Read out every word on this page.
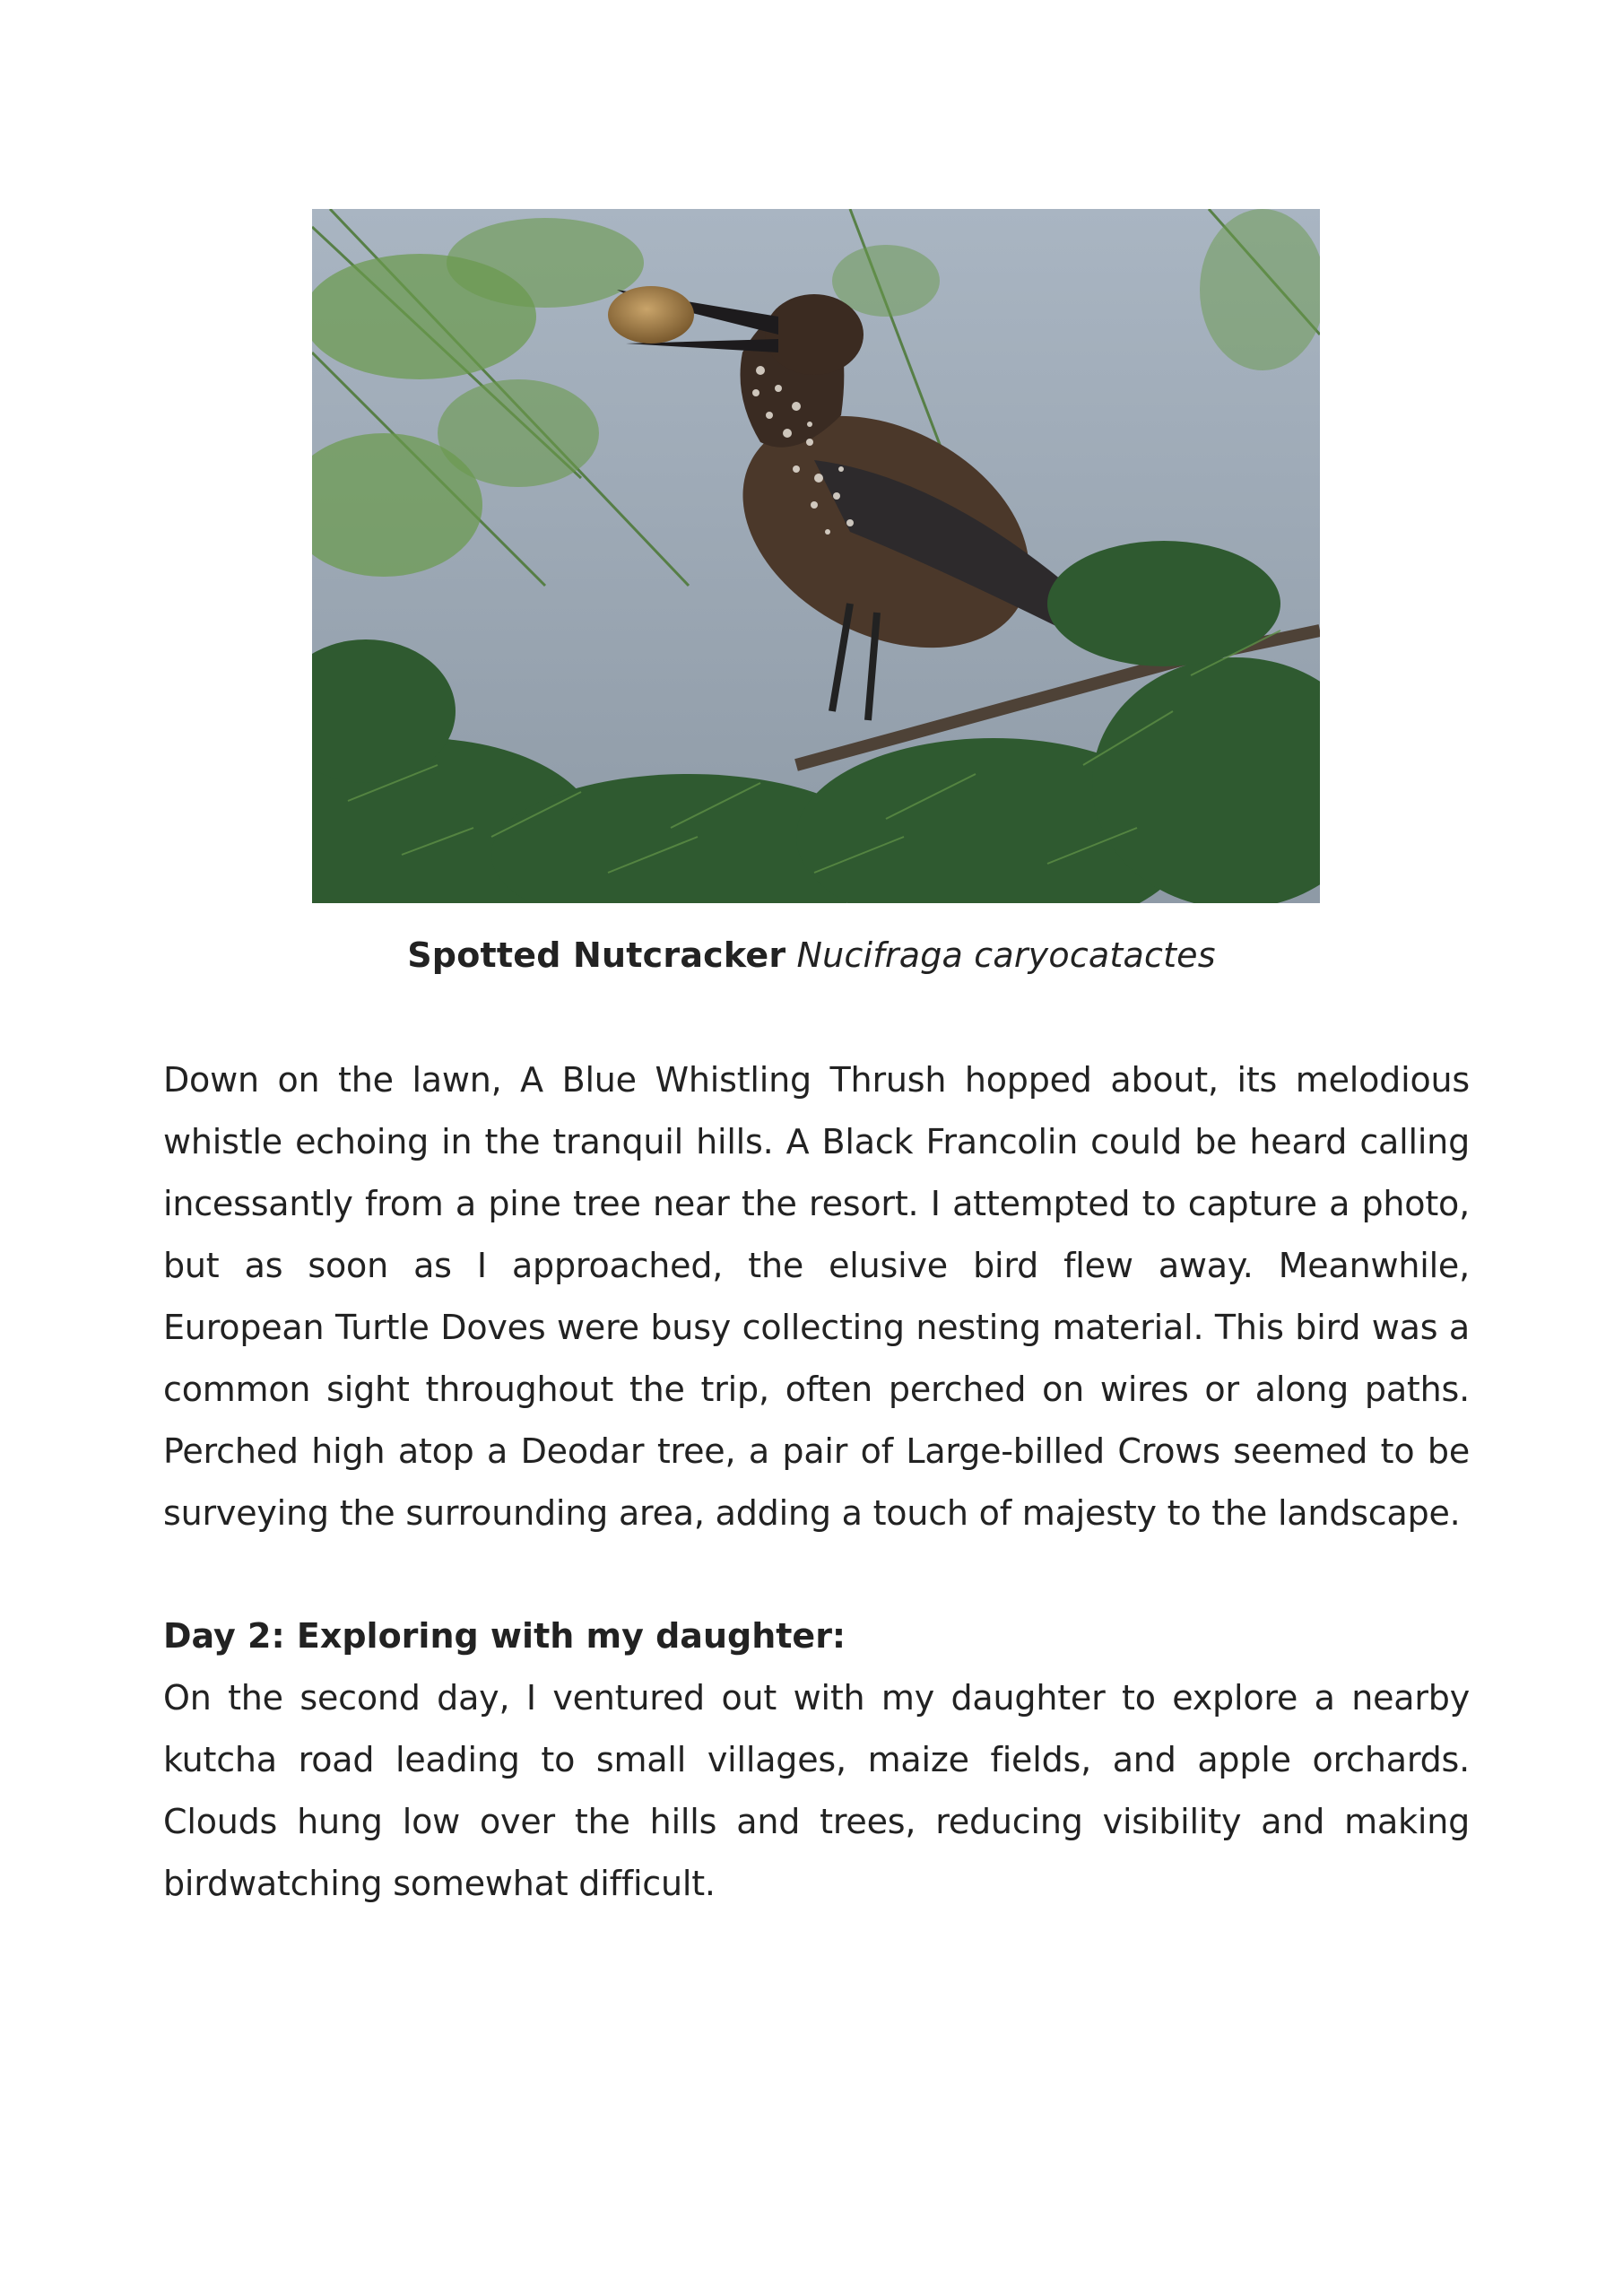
Spotted Nutcracker Nucifraga caryocatactes

Down on the lawn, A Blue Whistling Thrush hopped about, its melodious whistle echoing in the tranquil hills. A Black Francolin could be heard calling incessantly from a pine tree near the resort. I attempted to capture a photo, but as soon as I approached, the elusive bird flew away. Meanwhile, European Turtle Doves were busy collecting nesting material. This bird was a common sight throughout the trip, often perched on wires or along paths. Perched high atop a Deodar tree, a pair of Large-billed Crows seemed to be surveying the surrounding area, adding a touch of majesty to the landscape.

Day 2: Exploring with my daughter:

On the second day, I ventured out with my daughter to explore a nearby kutcha road leading to small villages, maize fields, and apple orchards. Clouds hung low over the hills and trees, reducing visibility and making birdwatching somewhat difficult.
